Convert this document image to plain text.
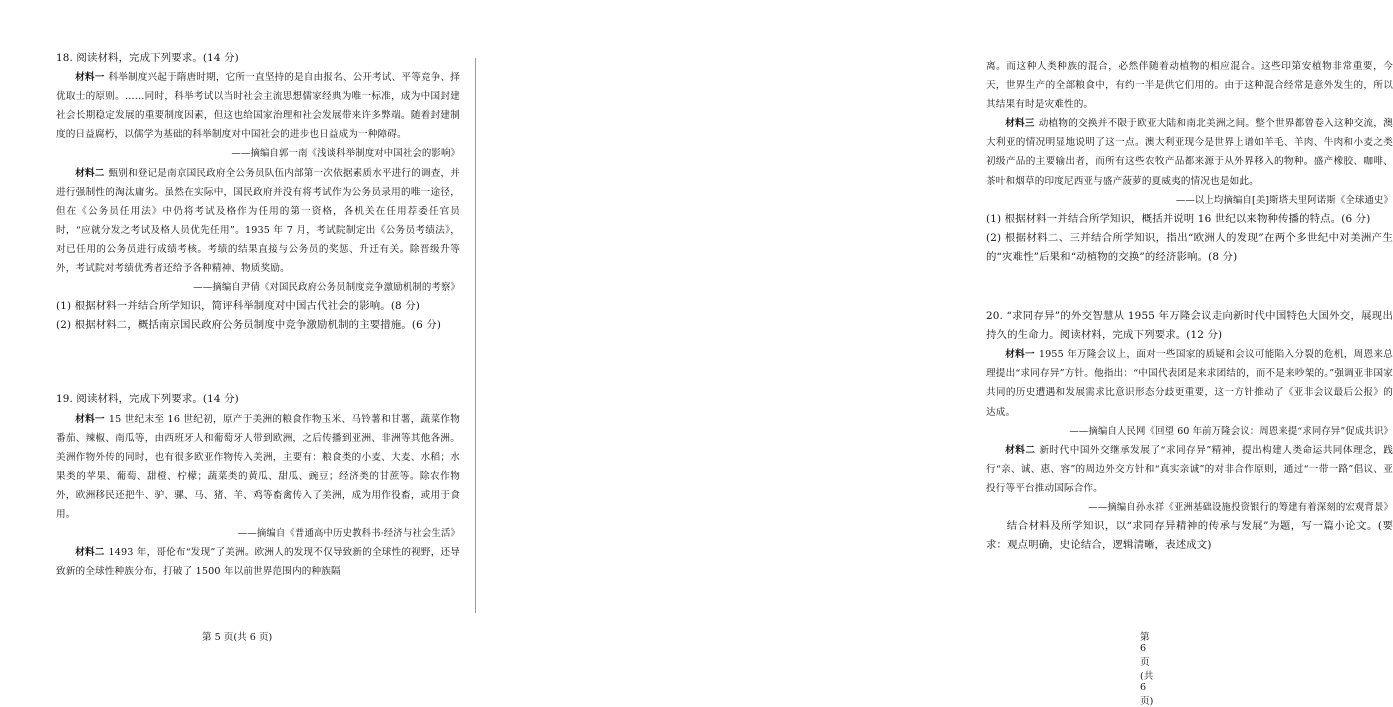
18. 阅读材料，完成下列要求。(14 分)

材料一 科举制度兴起于隋唐时期，它所一直坚持的是自由报名、公开考试、平等竞争、择优取士的原则。……同时，科举考试以当时社会主流思想儒家经典为唯一标准，成为中国封建社会长期稳定发展的重要制度因素，但这也给国家治理和社会发展带来许多弊端。随着封建制度的日益腐朽，以儒学为基础的科举制度对中国社会的进步也日益成为一种障碍。

——摘编自郭一南《浅谈科举制度对中国社会的影响》

材料二 甄别和登记是南京国民政府全公务员队伍内部第一次依据素质水平进行的调查，并进行强制性的淘汰庸劣。虽然在实际中，国民政府并没有将考试作为公务员录用的唯一途径，但在《公务员任用法》中仍将考试及格作为任用的第一资格，各机关在任用荐委任官员时，“应就分发之考试及格人员优先任用”。1935 年 7 月，考试院制定出《公务员考绩法》，对已任用的公务员进行成绩考核。考绩的结果直接与公务员的奖惩、升迁有关。除晋级升等外，考试院对考绩优秀者还给予各种精神、物质奖励。

——摘编自尹倩《对国民政府公务员制度竞争激励机制的考察》

(1) 根据材料一并结合所学知识，简评科举制度对中国古代社会的影响。(8 分)

(2) 根据材料二，概括南京国民政府公务员制度中竞争激励机制的主要措施。(6 分)

19. 阅读材料，完成下列要求。(14 分)

材料一 15 世纪末至 16 世纪初，原产于美洲的粮食作物玉米、马铃薯和甘薯，蔬菜作物番茄、辣椒、南瓜等，由西班牙人和葡萄牙人带到欧洲，之后传播到亚洲、非洲等其他各洲。美洲作物外传的同时，也有很多欧亚作物传入美洲，主要有：粮食类的小麦、大麦、水稻；水果类的苹果、葡萄、甜橙、柠檬；蔬菜类的黄瓜、甜瓜、豌豆；经济类的甘蔗等。除农作物外，欧洲移民还把牛、驴、骡、马、猪、羊、鸡等畜禽传入了美洲，成为用作役畜，或用于食用。

——摘编自《普通高中历史教科书·经济与社会生活》

材料二 1493 年，哥伦布“发现”了美洲。欧洲人的发现不仅导致新的全球性的视野，还导致新的全球性种族分布，打破了 1500 年以前世界范围内的种族隔

第 5 页(共 6 页)

离。而这种人类种族的混合，必然伴随着动植物的相应混合。这些印第安植物非常重要，今天，世界生产的全部粮食中，有约一半是供它们用的。由于这种混合经常是意外发生的，所以其结果有时是灾难性的。

材料三 动植物的交换并不限于欧亚大陆和南北美洲之间。整个世界都曾卷入这种交流，澳大利亚的情况明显地说明了这一点。澳大利亚现今是世界上谱如羊毛、羊肉、牛肉和小麦之类初级产品的主要输出者，而所有这些农牧产品都来源于从外界移入的物种。盛产橡胶、咖啡、茶叶和烟草的印度尼西亚与盛产菠萝的夏威夷的情况也是如此。

——以上均摘编自[美]斯塔夫里阿诺斯《全球通史》

(1) 根据材料一并结合所学知识，概括并说明 16 世纪以来物种传播的特点。(6 分)

(2) 根据材料二、三并结合所学知识，指出“欧洲人的发现”在两个多世纪中对美洲产生的“灾难性”后果和“动植物的交换”的经济影响。(8 分)

20. “求同存异”的外交智慧从 1955 年万隆会议走向新时代中国特色大国外交，展现出持久的生命力。阅读材料，完成下列要求。(12 分)

材料一 1955 年万隆会议上，面对一些国家的质疑和会议可能陷入分裂的危机，周恩来总理提出“求同存异”方针。他指出：“中国代表团是来求团结的，而不是来吵架的。”强调亚非国家共同的历史遭遇和发展需求比意识形态分歧更重要，这一方针推动了《亚非会议最后公报》的达成。

——摘编自人民网《回望 60 年前万隆会议：周恩来提“求同存异”促成共识》

材料二 新时代中国外交继承发展了“求同存异”精神，提出构建人类命运共同体理念，践行“亲、诚、惠、容”的周边外交方针和“真实亲诚”的对非合作原则，通过“一带一路”倡议、亚投行等平台推动国际合作。

——摘编自孙永祥《亚洲基础设施投资银行的筹建有着深刻的宏观背景》

结合材料及所学知识，以“求同存异精神的传承与发展”为题，写一篇小论文。(要求：观点明确，史论结合，逻辑清晰，表述成文)

第 6 页(共 6 页)
